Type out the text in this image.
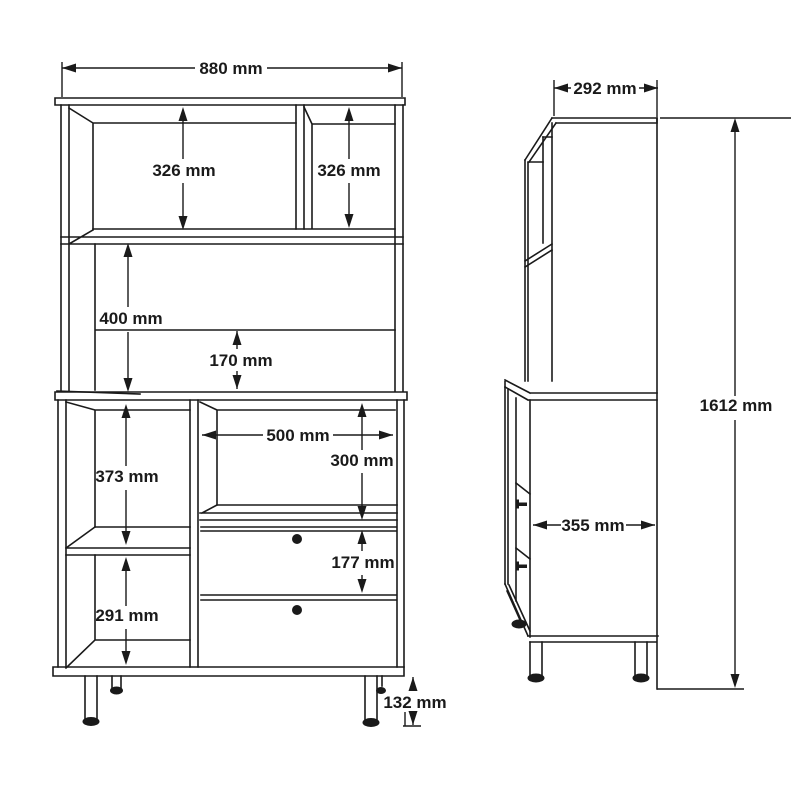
880 mm
326 mm	326 mm
400 mm
170 mm
373 mm
500 mm
300 mm
177 mm
291 mm
132 mm
292 mm
1612 mm
355 mm
